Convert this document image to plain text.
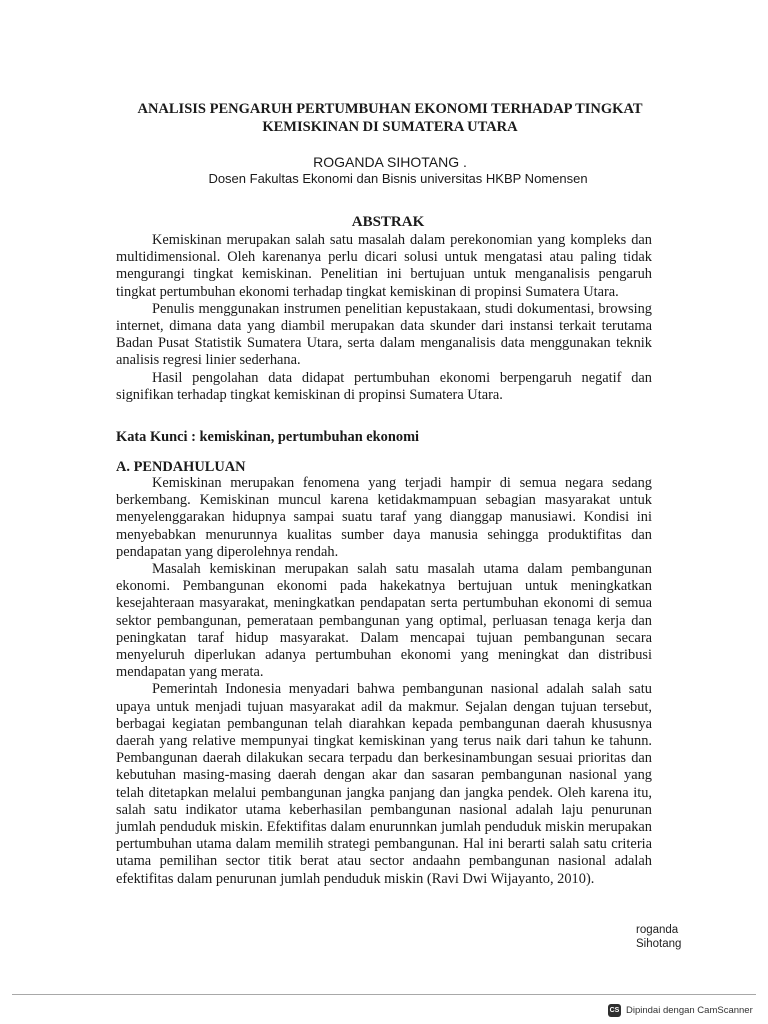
ANALISIS PENGARUH PERTUMBUHAN EKONOMI TERHADAP TINGKAT
KEMISKINAN DI SUMATERA UTARA
ROGANDA SIHOTANG .
Dosen Fakultas Ekonomi dan Bisnis universitas HKBP Nomensen
ABSTRAK

Kemiskinan merupakan salah satu masalah dalam perekonomian yang kompleks dan multidimensional. Oleh karenanya perlu dicari solusi untuk mengatasi atau paling tidak mengurangi tingkat kemiskinan. Penelitian ini bertujuan untuk menganalisis pengaruh tingkat pertumbuhan ekonomi terhadap tingkat kemiskinan di propinsi Sumatera Utara.

Penulis menggunakan instrumen penelitian kepustakaan, studi dokumentasi, browsing internet, dimana data yang diambil merupakan data skunder dari instansi terkait terutama Badan Pusat Statistik Sumatera Utara, serta dalam menganalisis data menggunakan teknik analisis regresi linier sederhana.

Hasil pengolahan data didapat pertumbuhan ekonomi berpengaruh negatif dan signifikan terhadap tingkat kemiskinan di propinsi Sumatera Utara.

Kata Kunci : kemiskinan, pertumbuhan ekonomi
A. PENDAHULUAN

Kemiskinan merupakan fenomena yang terjadi hampir di semua negara sedang berkembang. Kemiskinan muncul karena ketidakmampuan sebagian masyarakat untuk menyelenggarakan hidupnya sampai suatu taraf yang dianggap manusiawi. Kondisi ini menyebabkan menurunnya kualitas sumber daya manusia sehingga produktifitas dan pendapatan yang diperolehnya rendah.

Masalah kemiskinan merupakan salah satu masalah utama dalam pembangunan ekonomi. Pembangunan ekonomi pada hakekatnya bertujuan untuk meningkatkan kesejahteraan masyarakat, meningkatkan pendapatan serta pertumbuhan ekonomi di semua sektor pembangunan, pemerataan pembangunan yang optimal, perluasan tenaga kerja dan peningkatan taraf hidup masyarakat. Dalam mencapai tujuan pembangunan secara menyeluruh diperlukan adanya pertumbuhan ekonomi yang meningkat dan distribusi mendapatan yang merata.

Pemerintah Indonesia menyadari bahwa pembangunan nasional adalah salah satu upaya untuk menjadi tujuan masyarakat adil da makmur. Sejalan dengan tujuan tersebut, berbagai kegiatan pembangunan telah diarahkan kepada pembangunan daerah khususnya daerah yang relative mempunyai tingkat kemiskinan yang terus naik dari tahun ke tahunn. Pembangunan daerah dilakukan secara terpadu dan berkesinambungan sesuai prioritas dan kebutuhan masing-masing daerah dengan akar dan sasaran pembangunan nasional yang telah ditetapkan melalui pembangunan jangka panjang dan jangka pendek. Oleh karena itu, salah satu indikator utama keberhasilan pembangunan nasional adalah laju penurunan jumlah penduduk miskin. Efektifitas dalam enurunnkan jumlah penduduk miskin merupakan pertumbuhan utama dalam memilih strategi pembangunan. Hal ini berarti salah satu criteria utama pemilihan sector titik berat atau sector andaahn pembangunan nasional adalah efektifitas dalam penurunan jumlah penduduk miskin (Ravi Dwi Wijayanto, 2010).

roganda
Sihotang
CS Dipindai dengan CamScanner
